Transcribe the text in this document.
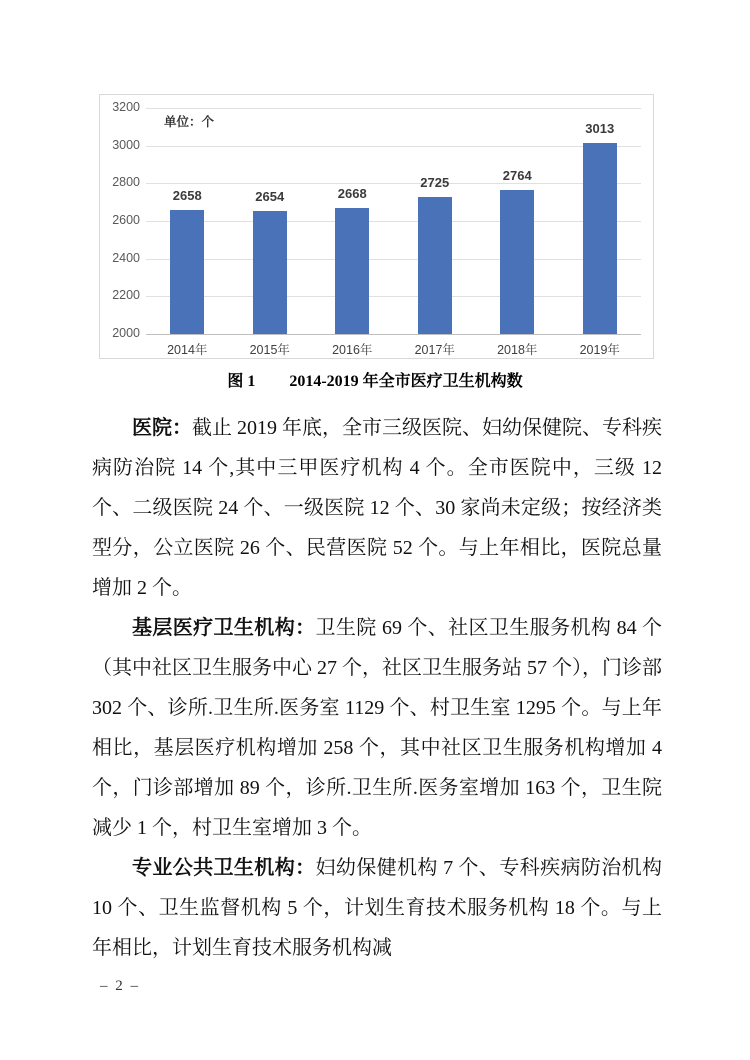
单位：个
3200
3000
2800
2600
2400
2200
2000
2658
2014年
2654
2015年
2668
2016年
2725
2017年
2764
2018年
3013
2019年
图 1 2014-2019 年全市医疗卫生机构数

医院：截止 2019 年底，全市三级医院、妇幼保健院、专科疾病防治院 14 个,其中三甲医疗机构 4 个。全市医院中，三级 12 个、二级医院 24 个、一级医院 12 个、30 家尚未定级；按经济类型分，公立医院 26 个、民营医院 52 个。与上年相比，医院总量增加 2 个。

基层医疗卫生机构：卫生院 69 个、社区卫生服务机构 84 个（其中社区卫生服务中心 27 个，社区卫生服务站 57 个），门诊部 302 个、诊所.卫生所.医务室 1129 个、村卫生室 1295 个。与上年相比，基层医疗机构增加 258 个，其中社区卫生服务机构增加 4 个，门诊部增加 89 个，诊所.卫生所.医务室增加 163 个，卫生院减少 1 个，村卫生室增加 3 个。

专业公共卫生机构：妇幼保健机构 7 个、专科疾病防治机构 10 个、卫生监督机构 5 个，计划生育技术服务机构 18 个。与上年相比，计划生育技术服务机构减

– 2 –
